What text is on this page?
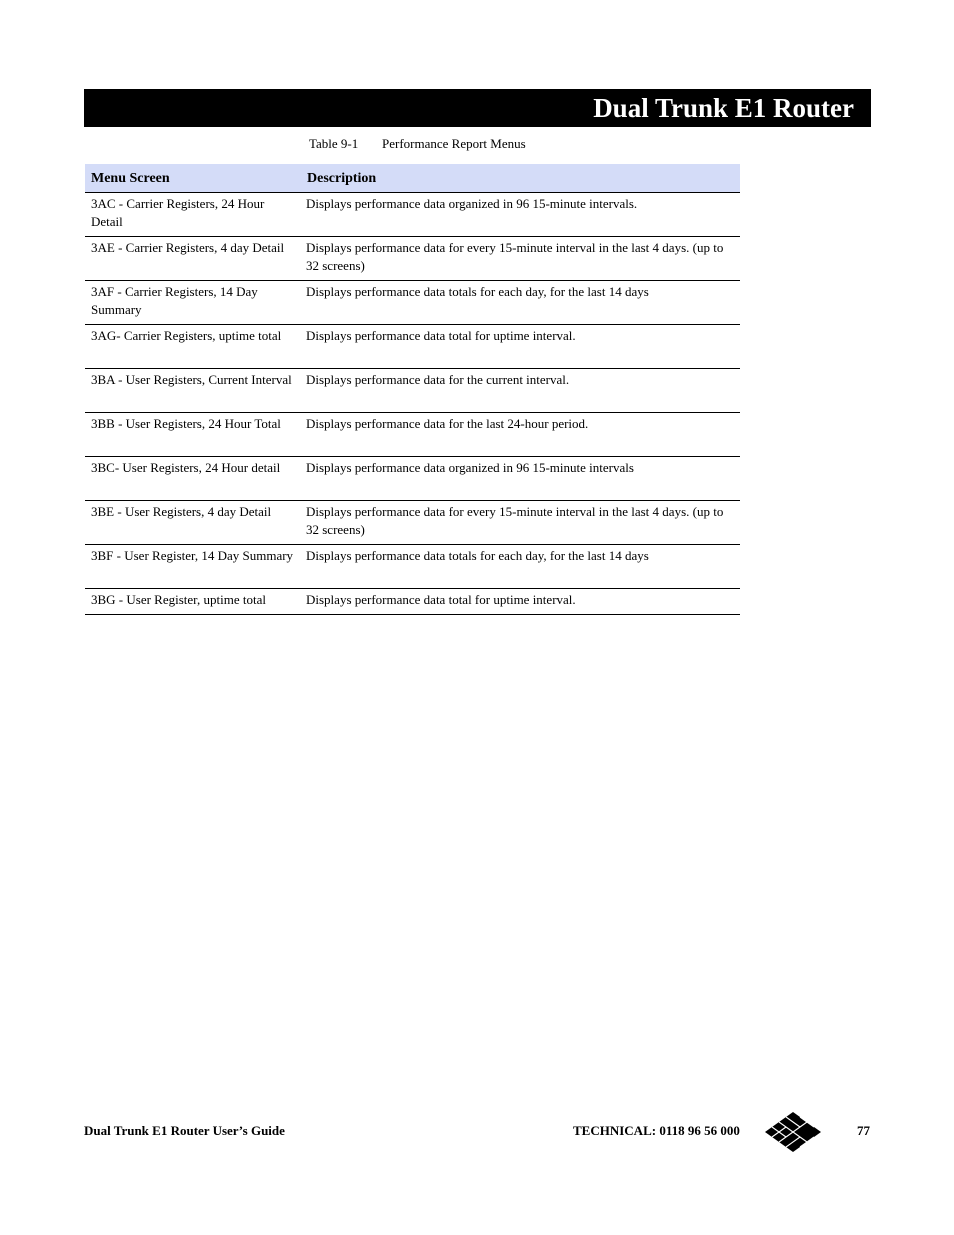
Dual Trunk E1 Router
Table 9-1 Performance Report Menus
Menu Screen	Description
3AC - Carrier Registers, 24 Hour Detail	Displays performance data organized in 96 15-minute intervals.
3AE - Carrier Registers, 4 day Detail	Displays performance data for every 15-minute interval in the last 4 days. (up to 32 screens)
3AF - Carrier Registers, 14 Day Summary	Displays performance data totals for each day, for the last 14 days
3AG- Carrier Registers, uptime total	Displays performance data total for uptime interval.
3BA - User Registers, Current Interval	Displays performance data for the current interval.
3BB - User Registers, 24 Hour Total	Displays performance data for the last 24-hour period.
3BC- User Registers, 24 Hour detail	Displays performance data organized in 96 15-minute intervals
3BE - User Registers, 4 day Detail	Displays performance data for every 15-minute interval in the last 4 days. (up to 32 screens)
3BF - User Register, 14 Day Summary	Displays performance data totals for each day, for the last 14 days
3BG - User Register, uptime total	Displays performance data total for uptime interval.
Dual Trunk E1 Router User’s Guide	TECHNICAL: 0118 96 56 000	77
